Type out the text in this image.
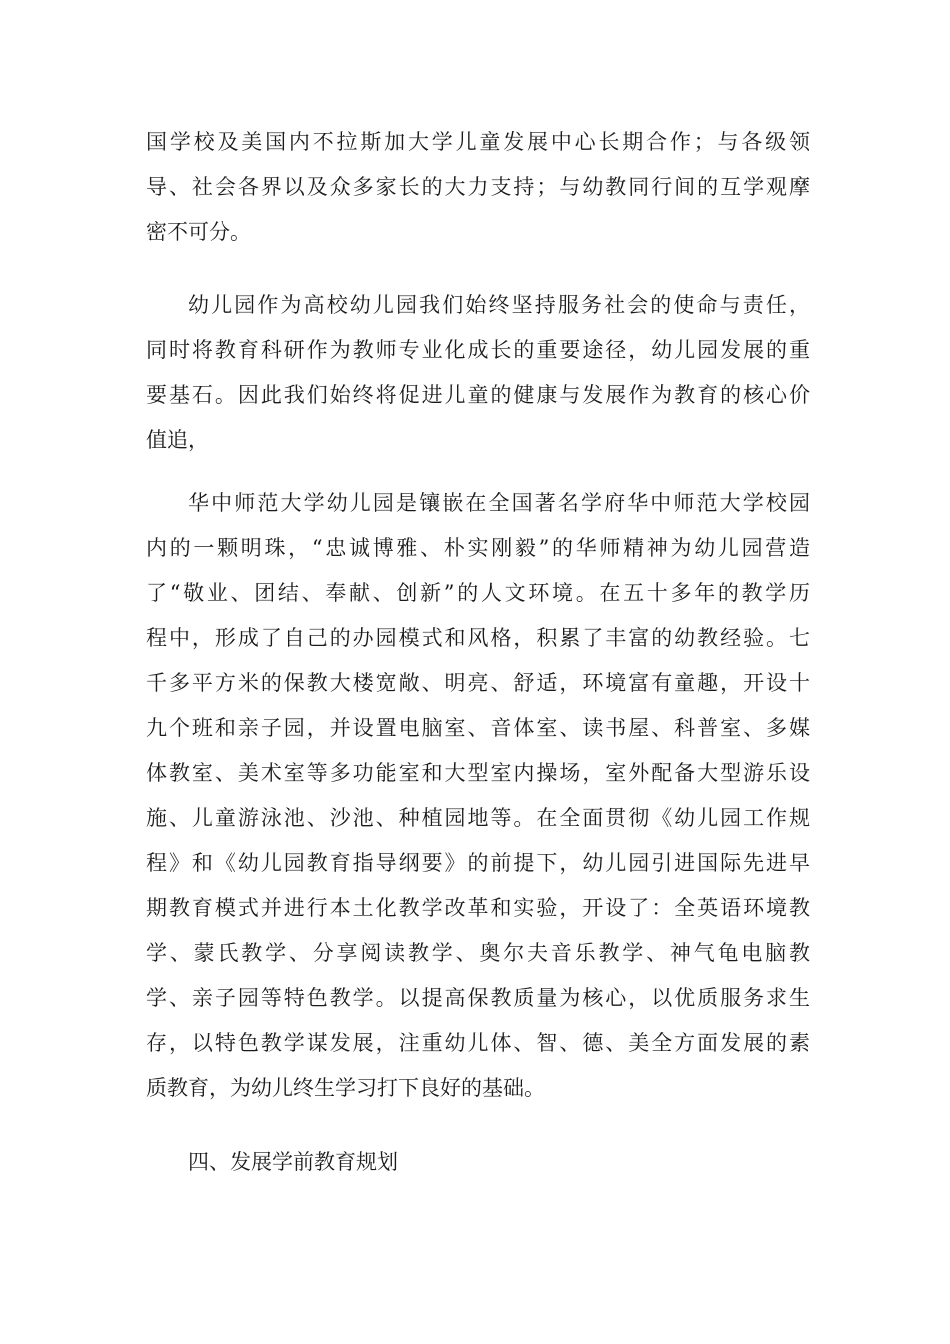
国学校及美国内不拉斯加大学儿童发展中心长期合作；与各级领
导、社会各界以及众多家长的大力支持；与幼教同行间的互学观摩
密不可分。
幼儿园作为高校幼儿园我们始终坚持服务社会的使命与责任，
同时将教育科研作为教师专业化成长的重要途径，幼儿园发展的重
要基石。因此我们始终将促进儿童的健康与发展作为教育的核心价
值追，
华中师范大学幼儿园是镶嵌在全国著名学府华中师范大学校园
内的一颗明珠，“忠诚博雅、朴实刚毅”的华师精神为幼儿园营造
了“敬业、团结、奉献、创新”的人文环境。在五十多年的教学历
程中，形成了自己的办园模式和风格，积累了丰富的幼教经验。七
千多平方米的保教大楼宽敞、明亮、舒适，环境富有童趣，开设十
九个班和亲子园，并设置电脑室、音体室、读书屋、科普室、多媒
体教室、美术室等多功能室和大型室内操场，室外配备大型游乐设
施、儿童游泳池、沙池、种植园地等。在全面贯彻《幼儿园工作规
程》和《幼儿园教育指导纲要》的前提下，幼儿园引进国际先进早
期教育模式并进行本土化教学改革和实验，开设了：全英语环境教
学、蒙氏教学、分享阅读教学、奥尔夫音乐教学、神气龟电脑教
学、亲子园等特色教学。以提高保教质量为核心，以优质服务求生
存，以特色教学谋发展，注重幼儿体、智、德、美全方面发展的素
质教育，为幼儿终生学习打下良好的基础。
四、发展学前教育规划
